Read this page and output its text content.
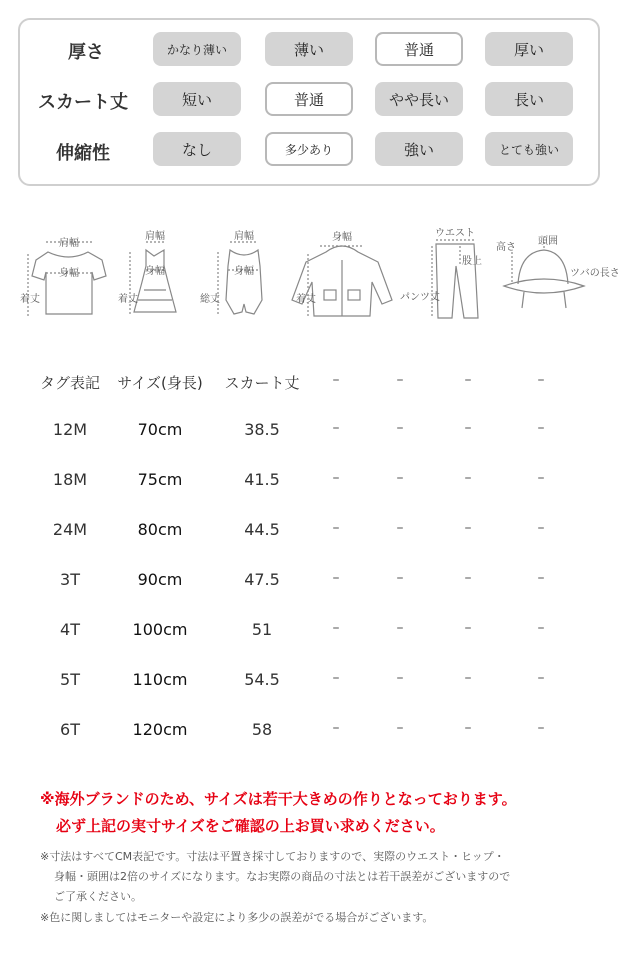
厚さ	かなり薄い	薄い	普通	厚い
スカート丈	短い	普通	やや長い	長い
伸縮性	なし	多少あり	強い	とても強い
肩幅
身幅
着丈
肩幅
身幅
着丈
肩幅
身幅
総丈
身幅
着丈
ウエスト
股上
パンツ丈
高さ
頭囲
ツバの長さ
タグ表記 サイズ(身長) スカート丈 –	–	–	–
12M	70cm	38.5	–	–	–	–
18M	75cm	41.5	–	–	–	–
24M	80cm	44.5	–	–	–	–
3T	90cm	47.5	–	–	–	–
4T	100cm	51	–	–	–	–
5T	110cm	54.5	–	–	–	–
6T	120cm	58	–	–	–	–
※海外ブランドのため、サイズは若干大きめの作りとなっております。
必ず上記の実寸サイズをご確認の上お買い求めください。
※寸法はすべてCM表記です。寸法は平置き採寸しておりますので、実際のウエスト・ヒップ・
身幅・頭囲は2倍のサイズになります。なお実際の商品の寸法とは若干誤差がございますので
ご了承ください。
※色に関しましてはモニターや設定により多少の誤差がでる場合がございます。
